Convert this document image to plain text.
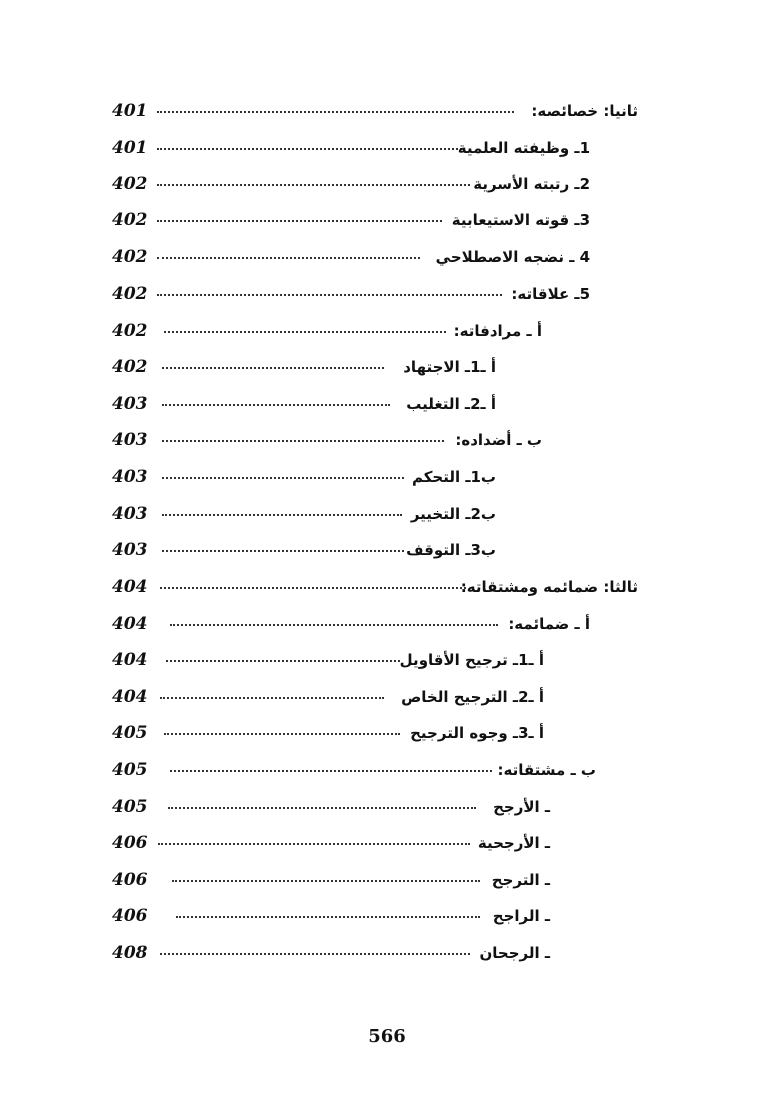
401	ثانيا: خصائصه:
401	1ـ وظيفته العلمية
402	2ـ رتبته الأسرية
402	3ـ قوته الاستيعابية
402	4 ـ نضجه الاصطلاحي
402	5ـ علاقاته:
402	أ ـ مرادفاته:
402	أ ـ1ـ الاجتهاد
403	أ ـ2ـ التغليب
403	ب ـ أضداده:
403	ب1ـ التحكم
403	ب2ـ التخيير
403	ب3ـ التوقف
404	ثالثا: ضمائمه ومشتقاته:
404	أ ـ ضمائمه:
404	أ ـ1ـ ترجيح الأقاويل
404	أ ـ2ـ الترجيح الخاص
405	أ ـ3ـ وجوه الترجيح
405	ب ـ مشتقاته:
405	ـ الأرجح
406	ـ الأرجحية
406	ـ الترجح
406	ـ الراجح
408	ـ الرجحان
566
